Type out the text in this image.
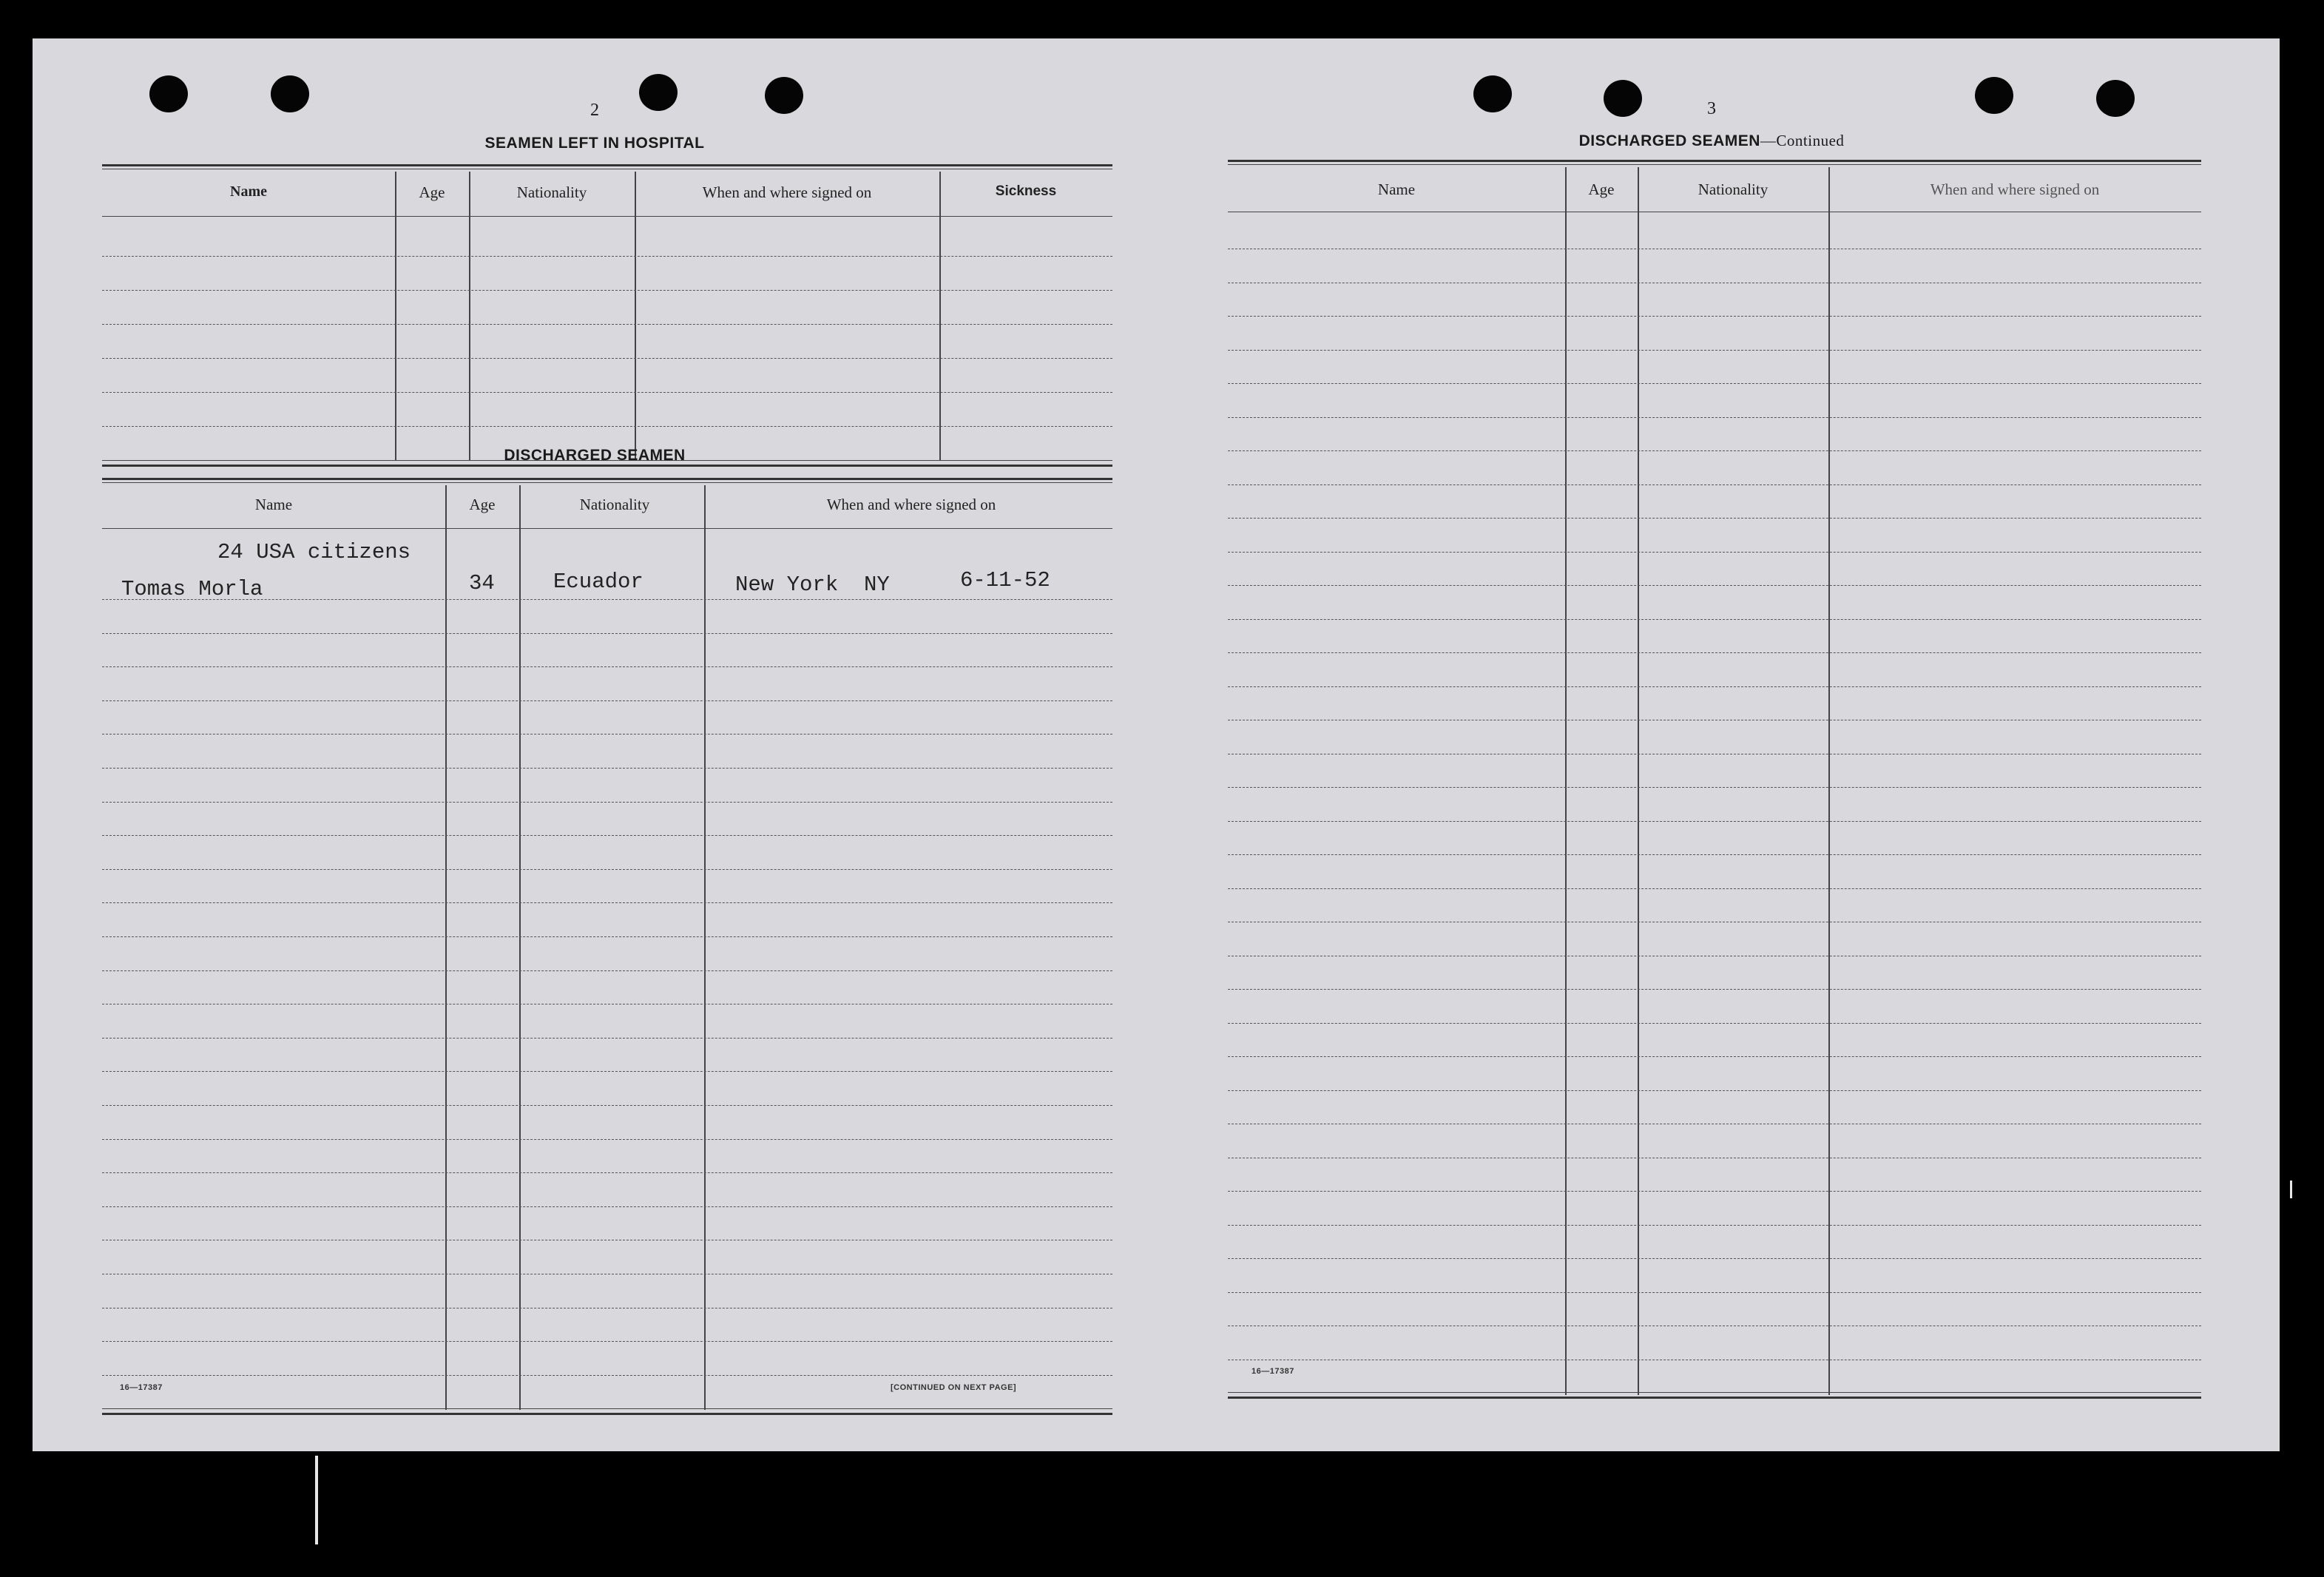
2
SEAMEN LEFT IN HOSPITAL
Name	Age	Nationality	When and where signed on	Sickness
DISCHARGED SEAMEN
Name	Age	Nationality	When and where signed on
24 USA citizens
Tomas Morla	34	Ecuador	New York  NY	6-11-52
16—17387	[CONTINUED ON NEXT PAGE]
3
DISCHARGED SEAMEN—Continued
Name	Age	Nationality	When and where signed on
16—17387
